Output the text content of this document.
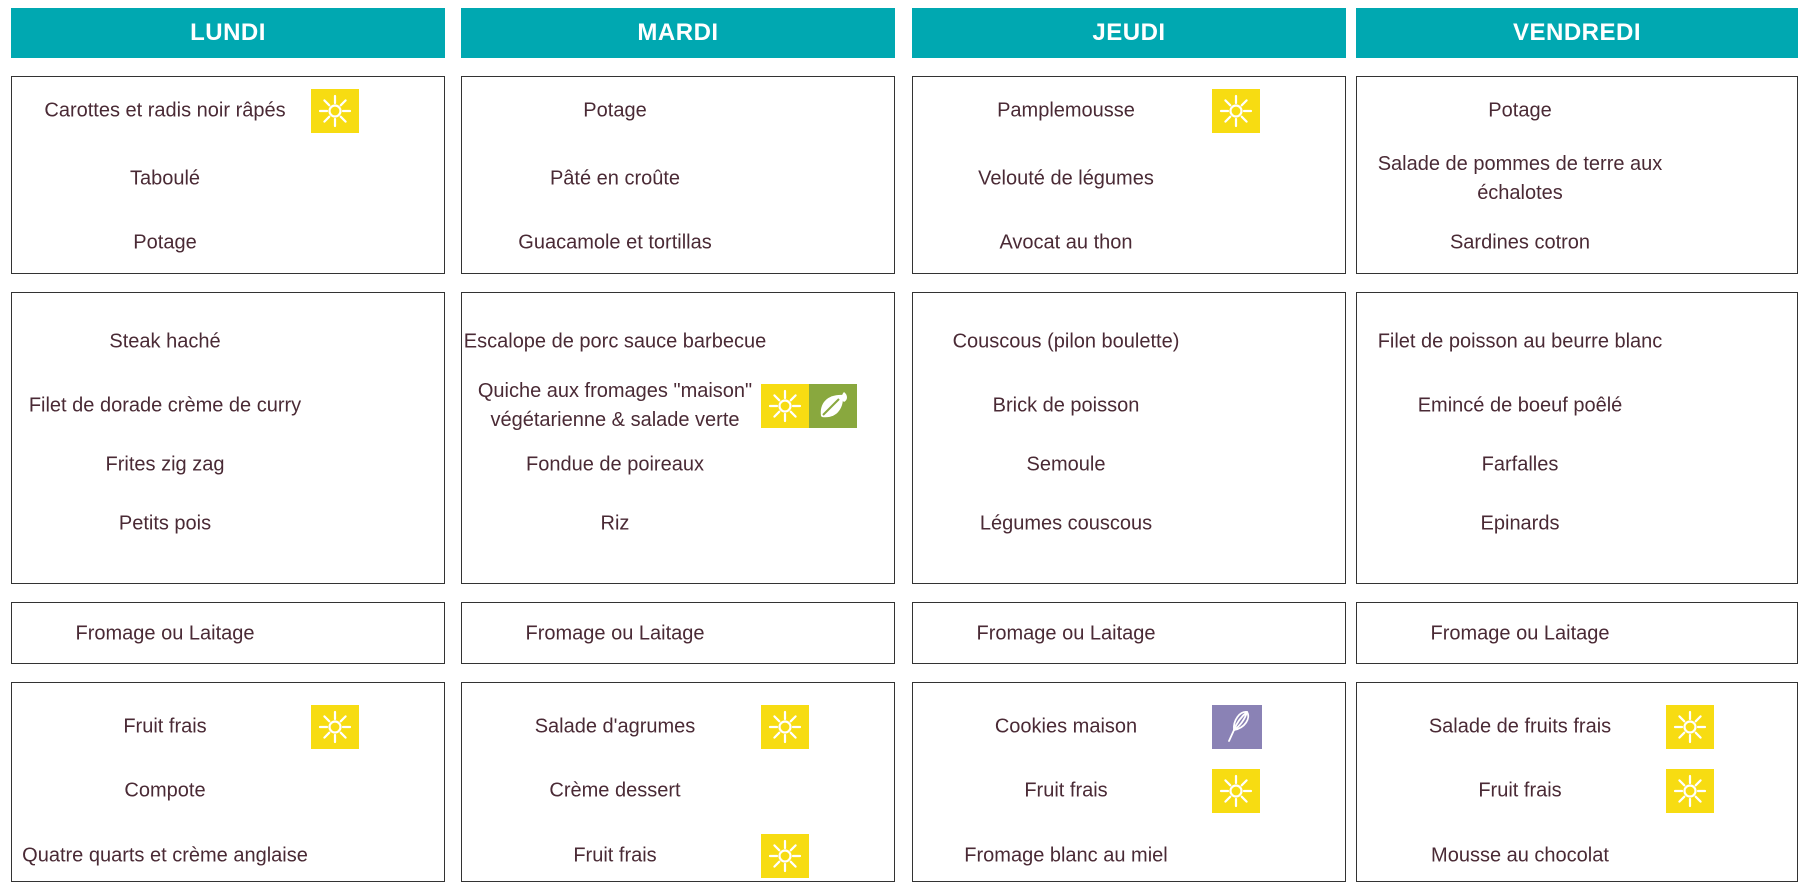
LUNDI
Carottes et radis noir râpés
Taboulé
Potage
Steak haché
Filet de dorade crème de curry
Frites zig zag
Petits pois
Fromage ou Laitage
Fruit frais
Compote
Quatre quarts et crème anglaise
MARDI
Potage
Pâté en croûte
Guacamole et tortillas
Escalope de porc sauce barbecue
Quiche aux fromages "maison" végétarienne & salade verte
Fondue de poireaux
Riz
Fromage ou Laitage
Salade d'agrumes
Crème dessert
Fruit frais
JEUDI
Pamplemousse
Velouté de légumes
Avocat au thon
Couscous (pilon boulette)
Brick de poisson
Semoule
Légumes couscous
Fromage ou Laitage
Cookies maison
Fruit frais
Fromage blanc au miel
VENDREDI
Potage
Salade de pommes de terre aux échalotes
Sardines cotron
Filet de poisson au beurre blanc
Emincé de boeuf poêlé
Farfalles
Epinards
Fromage ou Laitage
Salade de fruits frais
Fruit frais
Mousse au chocolat
